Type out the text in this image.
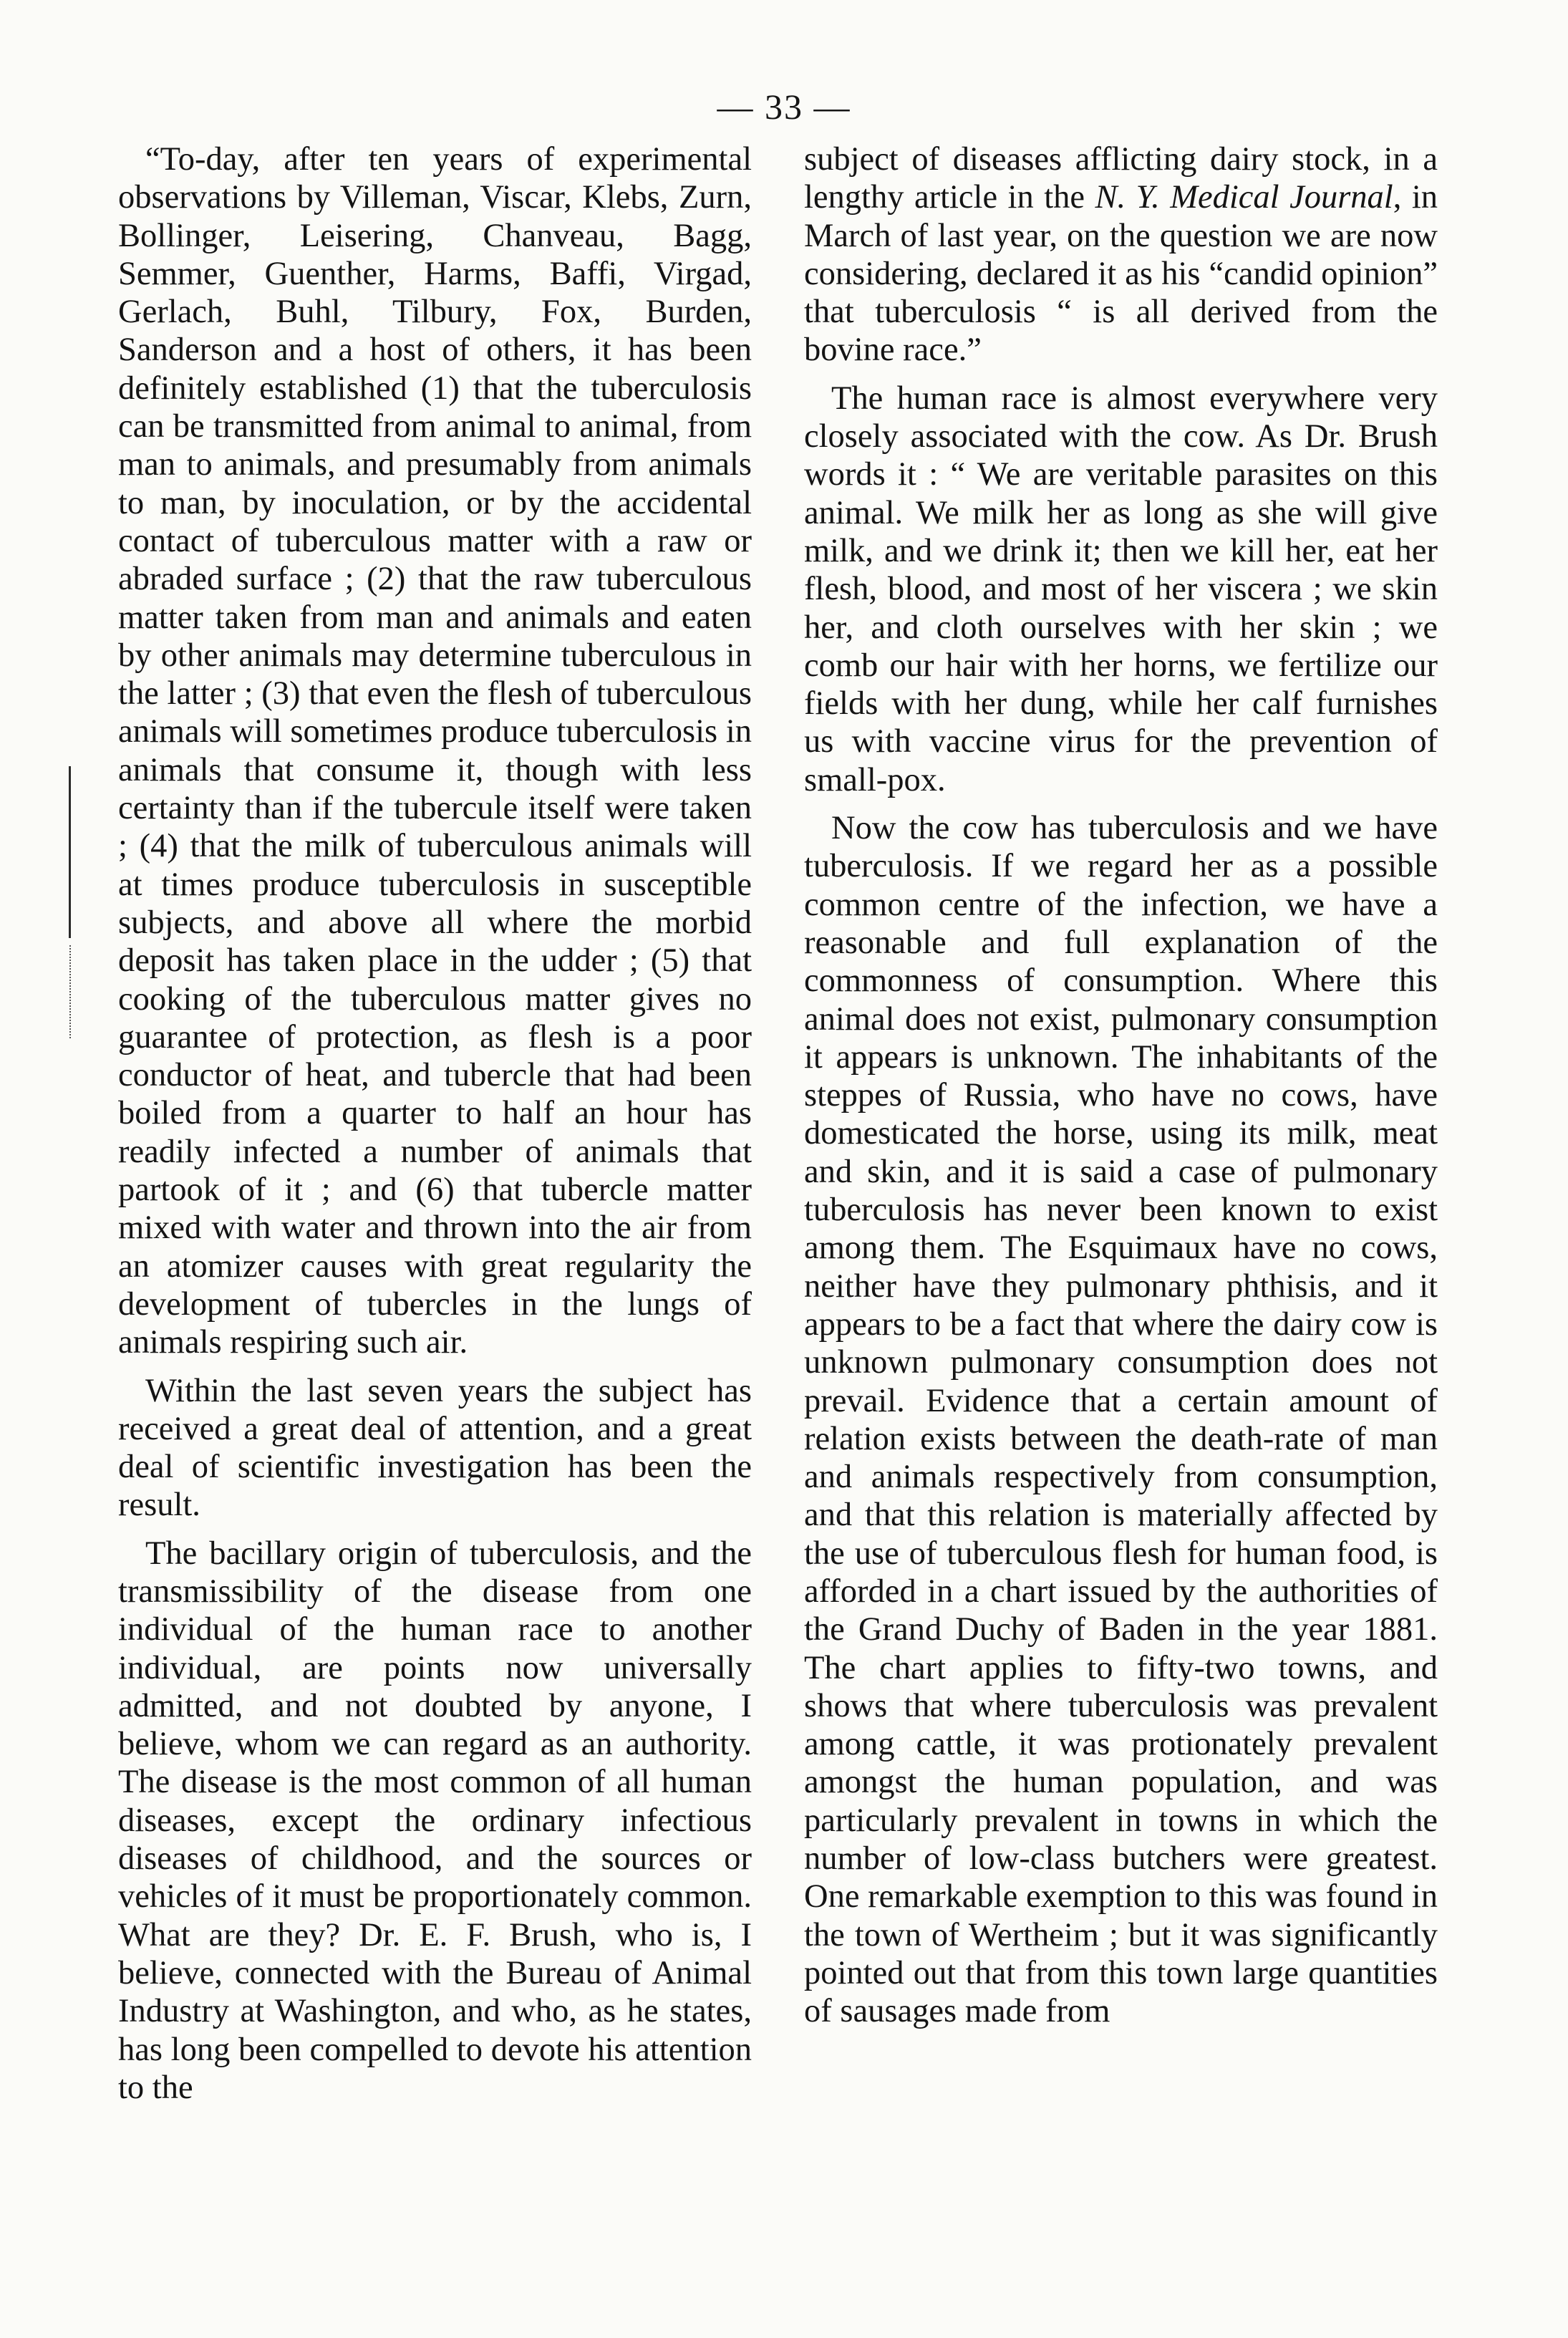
— 33 —

“To-day, after ten years of experimental observations by Villeman, Viscar, Klebs, Zurn, Bollinger, Leisering, Chanveau, Bagg, Semmer, Guenther, Harms, Baffi, Virgad, Gerlach, Buhl, Tilbury, Fox, Burden, Sanderson and a host of others, it has been definitely established (1) that the tuberculosis can be transmitted from animal to animal, from man to animals, and presumably from animals to man, by inoculation, or by the accidental contact of tuberculous matter with a raw or abraded surface ; (2) that the raw tuberculous matter taken from man and animals and eaten by other animals may determine tuberculous in the latter ; (3) that even the flesh of tuberculous animals will sometimes produce tuberculosis in animals that consume it, though with less certainty than if the tubercule itself were taken ; (4) that the milk of tuberculous animals will at times produce tuberculosis in susceptible subjects, and above all where the morbid deposit has taken place in the udder ; (5) that cooking of the tuberculous matter gives no guarantee of protection, as flesh is a poor conductor of heat, and tubercle that had been boiled from a quarter to half an hour has readily infected a number of animals that partook of it ; and (6) that tubercle matter mixed with water and thrown into the air from an atomizer causes with great regularity the development of tubercles in the lungs of animals respiring such air.

Within the last seven years the subject has received a great deal of attention, and a great deal of scientific investigation has been the result.

The bacillary origin of tuberculosis, and the transmissibility of the disease from one individual of the human race to another individual, are points now universally admitted, and not doubted by anyone, I believe, whom we can regard as an authority. The disease is the most common of all human diseases, except the ordinary infectious diseases of childhood, and the sources or vehicles of it must be proportionately common. What are they? Dr. E. F. Brush, who is, I believe, connected with the Bureau of Animal Industry at Washington, and who, as he states, has long been compelled to devote his attention to the

subject of diseases afflicting dairy stock, in a lengthy article in the N. Y. Medical Journal, in March of last year, on the question we are now considering, declared it as his “candid opinion” that tuberculosis “ is all derived from the bovine race.”

The human race is almost everywhere very closely associated with the cow. As Dr. Brush words it : “ We are veritable parasites on this animal. We milk her as long as she will give milk, and we drink it; then we kill her, eat her flesh, blood, and most of her viscera ; we skin her, and cloth ourselves with her skin ; we comb our hair with her horns, we fertilize our fields with her dung, while her calf furnishes us with vaccine virus for the prevention of small-pox.

Now the cow has tuberculosis and we have tuberculosis. If we regard her as a possible common centre of the infection, we have a reasonable and full explanation of the commonness of consumption. Where this animal does not exist, pulmonary consumption it appears is unknown. The inhabitants of the steppes of Russia, who have no cows, have domesticated the horse, using its milk, meat and skin, and it is said a case of pulmonary tuberculosis has never been known to exist among them. The Esquimaux have no cows, neither have they pulmonary phthisis, and it appears to be a fact that where the dairy cow is unknown pulmonary consumption does not prevail. Evidence that a certain amount of relation exists between the death-rate of man and animals respectively from consumption, and that this relation is materially affected by the use of tuberculous flesh for human food, is afforded in a chart issued by the authorities of the Grand Duchy of Baden in the year 1881. The chart applies to fifty-two towns, and shows that where tuberculosis was prevalent among cattle, it was protionately prevalent amongst the human population, and was particularly prevalent in towns in which the number of low-class butchers were greatest. One remarkable exemption to this was found in the town of Wertheim ; but it was significantly pointed out that from this town large quantities of sausages made from
